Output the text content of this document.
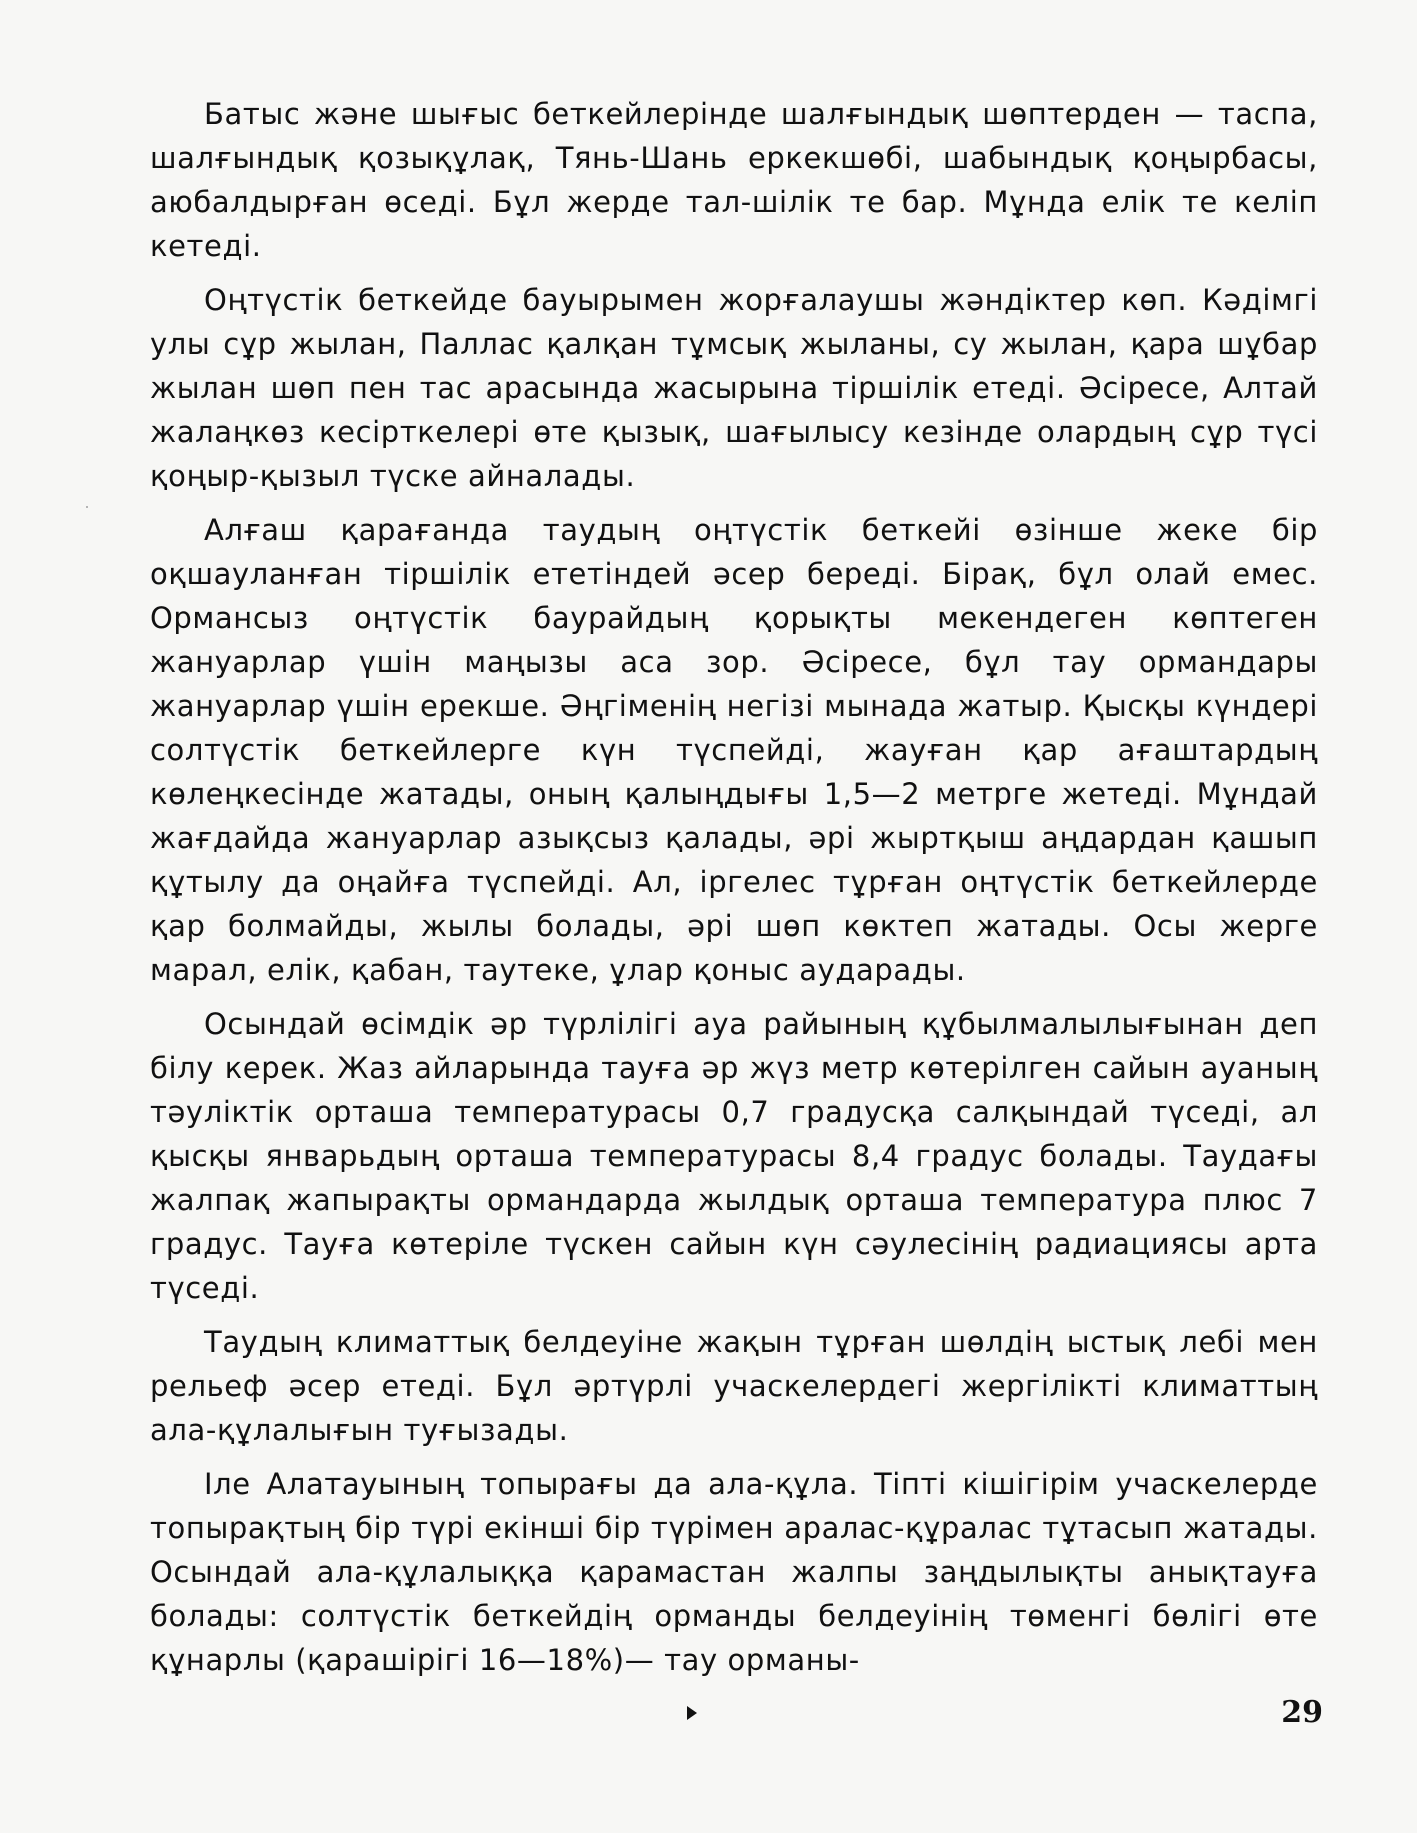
Батыс және шығыс беткейлерінде шалғындық шөптерден — таспа, шалғындық қозықұлақ, Тянь-Шань еркекшөбі, шабындық қоңырбасы, аюбалдырған өседі. Бұл жерде тал-шілік те бар. Мұнда елік те келіп кетеді.

Оңтүстік беткейде бауырымен жорғалаушы жәндіктер көп. Кәдімгі улы сұр жылан, Паллас қалқан тұмсық жыланы, су жылан, қара шұбар жылан шөп пен тас арасында жасырына тіршілік етеді. Әсіресе, Алтай жалаңкөз кесірткелері өте қызық, шағылысу кезінде олардың сұр түсі қоңыр-қызыл түске айналады.

Алғаш қарағанда таудың оңтүстік беткейі өзінше жеке бір оқшауланған тіршілік ететіндей әсер береді. Бірақ, бұл олай емес. Ормансыз оңтүстік баурайдың қорықты мекендеген көптеген жануарлар үшін маңызы аса зор. Әсіресе, бұл тау ормандары жануарлар үшін ерекше. Әңгіменің негізі мынада жатыр. Қысқы күндері солтүстік беткейлерге күн түспейді, жауған қар ағаштардың көлеңкесінде жатады, оның қалыңдығы 1,5—2 метрге жетеді. Мұндай жағдайда жануарлар азықсыз қалады, әрі жыртқыш аңдардан қашып құтылу да оңайға түспейді. Ал, іргелес тұрған оңтүстік беткейлерде қар болмайды, жылы болады, әрі шөп көктеп жатады. Осы жерге марал, елік, қабан, таутеке, ұлар қоныс аударады.

Осындай өсімдік әр түрлілігі ауа райының құбылмалылығынан деп білу керек. Жаз айларында тауға әр жүз метр көтерілген сайын ауаның тәуліктік орташа температурасы 0,7 градусқа салқындай түседі, ал қысқы январьдың орташа температурасы 8,4 градус болады. Таудағы жалпақ жапырақты ормандарда жылдық орташа температура плюс 7 градус. Тауға көтеріле түскен сайын күн сәулесінің радиациясы арта түседі.

Таудың климаттық белдеуіне жақын тұрған шөлдің ыстық лебі мен рельеф әсер етеді. Бұл әртүрлі учаскелердегі жергілікті климаттың ала-құлалығын туғызады.

Іле Алатауының топырағы да ала-құла. Тіпті кішігірім учаскелерде топырақтың бір түрі екінші бір түрімен аралас-құралас тұтасып жатады. Осындай ала-құлалыққа қарамастан жалпы заңдылықты анықтауға болады: солтүстік беткейдің орманды белдеуінің төменгі бөлігі өте құнарлы (қарашірігі 16—18%)— тау орманы-

29
